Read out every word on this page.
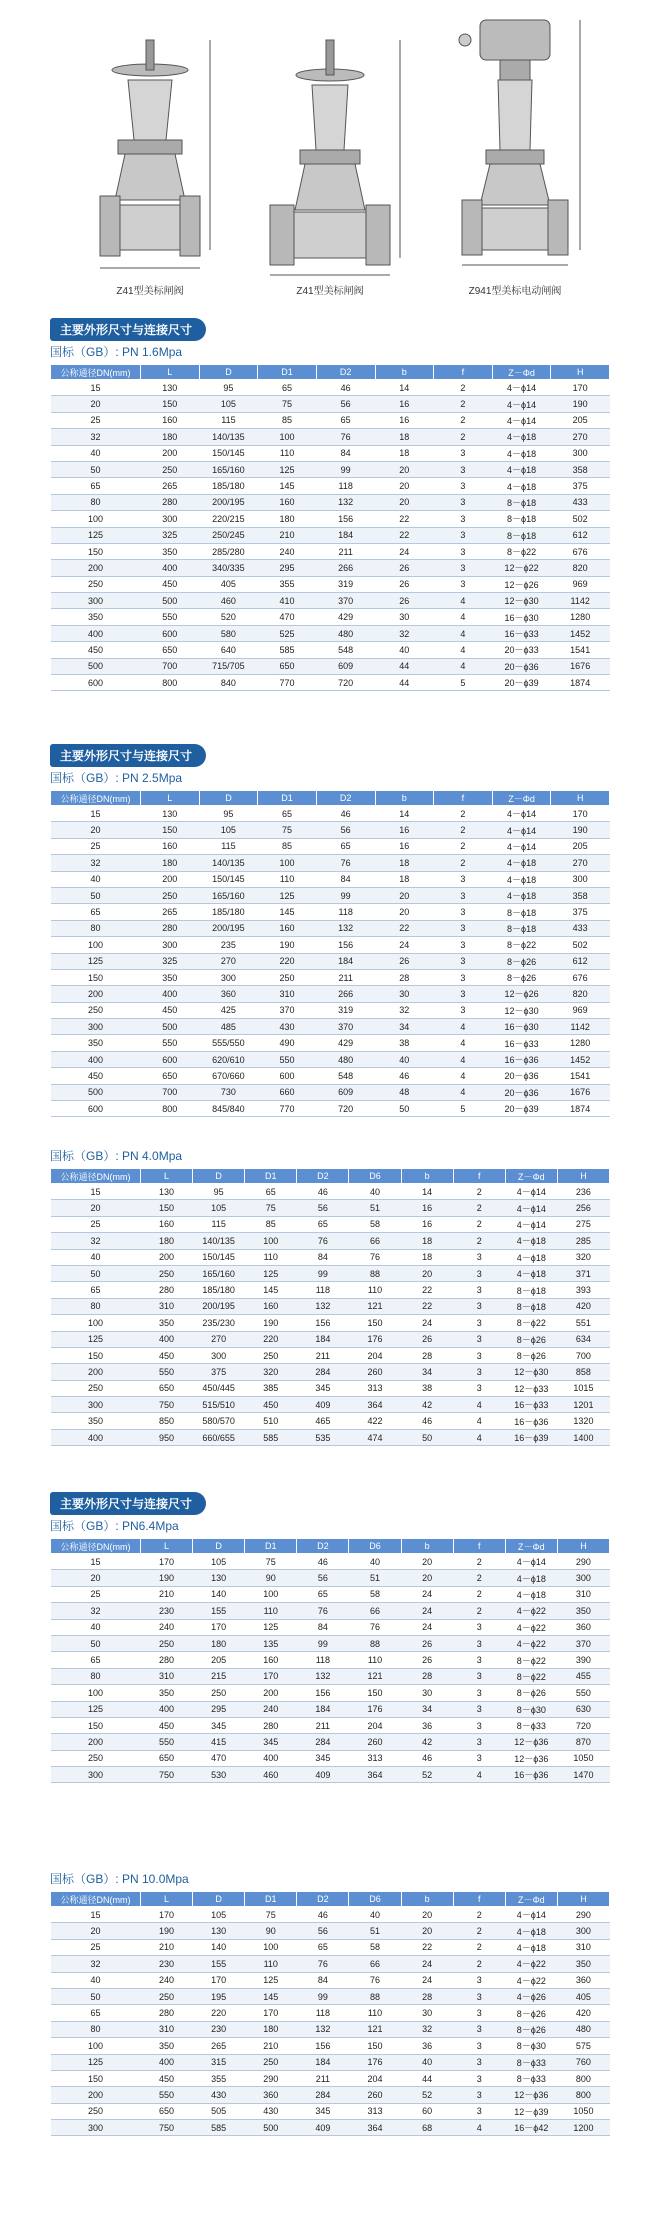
Z41型美标闸阀	Z41型美标闸阀	Z941型美标电动闸阀
主要外形尺寸与连接尺寸
国标（GB）: PN 1.6Mpa
公称通径DN(mm)	L	D	D1	D2	b	f	Z－Φd	H
15	130	95	65	46	14	2	4－ϕ14	170
20	150	105	75	56	16	2	4－ϕ14	190
25	160	115	85	65	16	2	4－ϕ14	205
32	180	140/135	100	76	18	2	4－ϕ18	270
40	200	150/145	110	84	18	3	4－ϕ18	300
50	250	165/160	125	99	20	3	4－ϕ18	358
65	265	185/180	145	118	20	3	4－ϕ18	375
80	280	200/195	160	132	20	3	8－ϕ18	433
100	300	220/215	180	156	22	3	8－ϕ18	502
125	325	250/245	210	184	22	3	8－ϕ18	612
150	350	285/280	240	211	24	3	8－ϕ22	676
200	400	340/335	295	266	26	3	12－ϕ22	820
250	450	405	355	319	26	3	12－ϕ26	969
300	500	460	410	370	26	4	12－ϕ30	1142
350	550	520	470	429	30	4	16－ϕ30	1280
400	600	580	525	480	32	4	16－ϕ33	1452
450	650	640	585	548	40	4	20－ϕ33	1541
500	700	715/705	650	609	44	4	20－ϕ36	1676
600	800	840	770	720	44	5	20－ϕ39	1874
主要外形尺寸与连接尺寸
国标（GB）: PN 2.5Mpa
公称通径DN(mm)	L	D	D1	D2	b	f	Z－Φd	H
15	130	95	65	46	14	2	4－ϕ14	170
20	150	105	75	56	16	2	4－ϕ14	190
25	160	115	85	65	16	2	4－ϕ14	205
32	180	140/135	100	76	18	2	4－ϕ18	270
40	200	150/145	110	84	18	3	4－ϕ18	300
50	250	165/160	125	99	20	3	4－ϕ18	358
65	265	185/180	145	118	20	3	8－ϕ18	375
80	280	200/195	160	132	22	3	8－ϕ18	433
100	300	235	190	156	24	3	8－ϕ22	502
125	325	270	220	184	26	3	8－ϕ26	612
150	350	300	250	211	28	3	8－ϕ26	676
200	400	360	310	266	30	3	12－ϕ26	820
250	450	425	370	319	32	3	12－ϕ30	969
300	500	485	430	370	34	4	16－ϕ30	1142
350	550	555/550	490	429	38	4	16－ϕ33	1280
400	600	620/610	550	480	40	4	16－ϕ36	1452
450	650	670/660	600	548	46	4	20－ϕ36	1541
500	700	730	660	609	48	4	20－ϕ36	1676
600	800	845/840	770	720	50	5	20－ϕ39	1874
国标（GB）: PN 4.0Mpa
公称通径DN(mm)	L	D	D1	D2	D6	b	f	Z－Φd	H
15	130	95	65	46	40	14	2	4－ϕ14	236
20	150	105	75	56	51	16	2	4－ϕ14	256
25	160	115	85	65	58	16	2	4－ϕ14	275
32	180	140/135	100	76	66	18	2	4－ϕ18	285
40	200	150/145	110	84	76	18	3	4－ϕ18	320
50	250	165/160	125	99	88	20	3	4－ϕ18	371
65	280	185/180	145	118	110	22	3	8－ϕ18	393
80	310	200/195	160	132	121	22	3	8－ϕ18	420
100	350	235/230	190	156	150	24	3	8－ϕ22	551
125	400	270	220	184	176	26	3	8－ϕ26	634
150	450	300	250	211	204	28	3	8－ϕ26	700
200	550	375	320	284	260	34	3	12－ϕ30	858
250	650	450/445	385	345	313	38	3	12－ϕ33	1015
300	750	515/510	450	409	364	42	4	16－ϕ33	1201
350	850	580/570	510	465	422	46	4	16－ϕ36	1320
400	950	660/655	585	535	474	50	4	16－ϕ39	1400
主要外形尺寸与连接尺寸
国标（GB）: PN6.4Mpa
公称通径DN(mm)	L	D	D1	D2	D6	b	f	Z－Φd	H
15	170	105	75	46	40	20	2	4－ϕ14	290
20	190	130	90	56	51	20	2	4－ϕ18	300
25	210	140	100	65	58	24	2	4－ϕ18	310
32	230	155	110	76	66	24	2	4－ϕ22	350
40	240	170	125	84	76	24	3	4－ϕ22	360
50	250	180	135	99	88	26	3	4－ϕ22	370
65	280	205	160	118	110	26	3	8－ϕ22	390
80	310	215	170	132	121	28	3	8－ϕ22	455
100	350	250	200	156	150	30	3	8－ϕ26	550
125	400	295	240	184	176	34	3	8－ϕ30	630
150	450	345	280	211	204	36	3	8－ϕ33	720
200	550	415	345	284	260	42	3	12－ϕ36	870
250	650	470	400	345	313	46	3	12－ϕ36	1050
300	750	530	460	409	364	52	4	16－ϕ36	1470
国标（GB）: PN 10.0Mpa
公称通径DN(mm)	L	D	D1	D2	D6	b	f	Z－Φd	H
15	170	105	75	46	40	20	2	4－ϕ14	290
20	190	130	90	56	51	20	2	4－ϕ18	300
25	210	140	100	65	58	22	2	4－ϕ18	310
32	230	155	110	76	66	24	2	4－ϕ22	350
40	240	170	125	84	76	24	3	4－ϕ22	360
50	250	195	145	99	88	28	3	4－ϕ26	405
65	280	220	170	118	110	30	3	8－ϕ26	420
80	310	230	180	132	121	32	3	8－ϕ26	480
100	350	265	210	156	150	36	3	8－ϕ30	575
125	400	315	250	184	176	40	3	8－ϕ33	760
150	450	355	290	211	204	44	3	8－ϕ33	800
200	550	430	360	284	260	52	3	12－ϕ36	800
250	650	505	430	345	313	60	3	12－ϕ39	1050
300	750	585	500	409	364	68	4	16－ϕ42	1200
